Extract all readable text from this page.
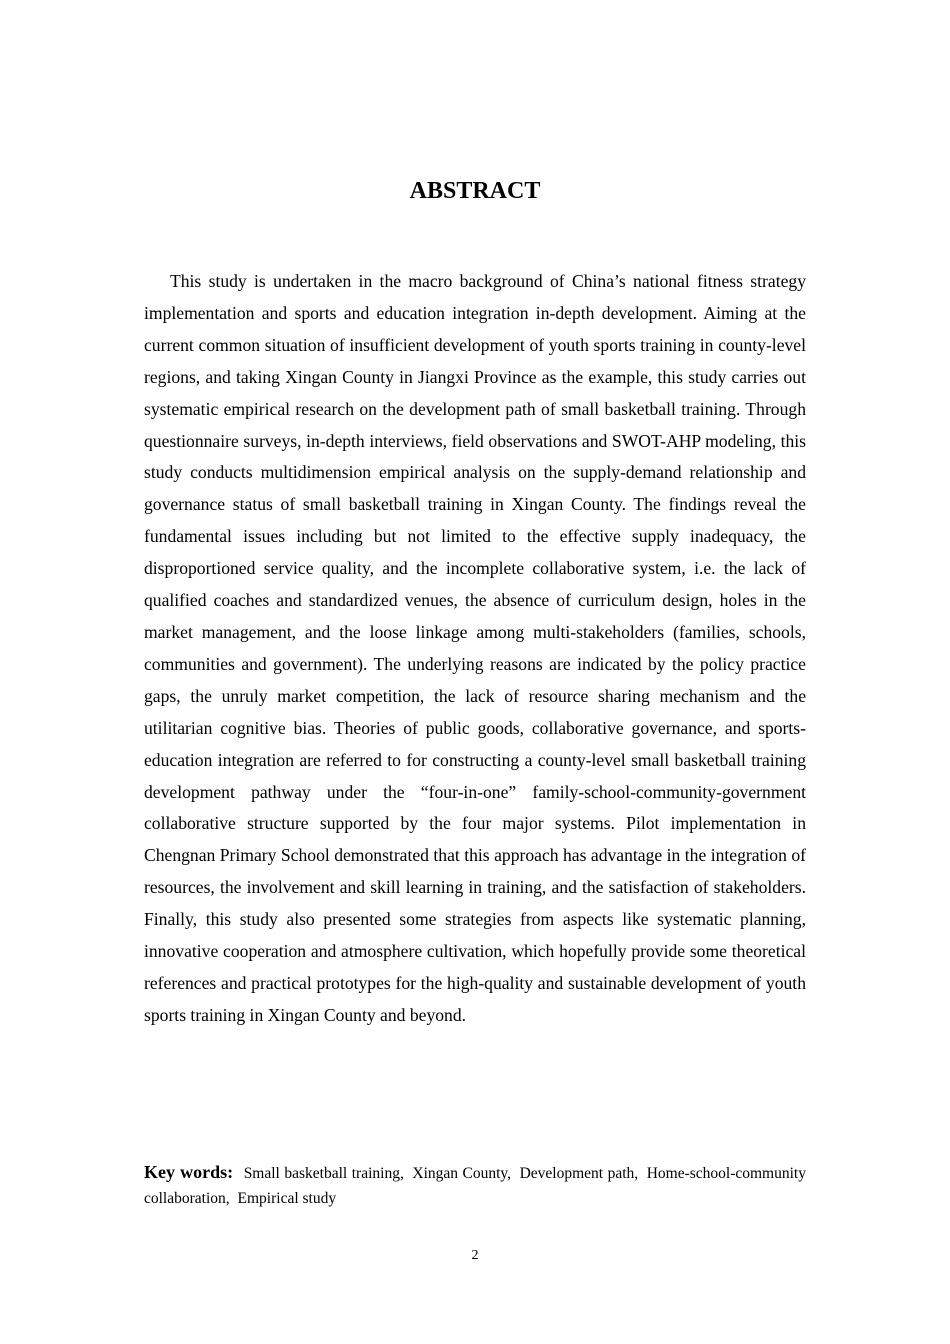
ABSTRACT

This study is undertaken in the macro background of China’s national fitness strategy implementation and sports and education integration in-depth development. Aiming at the current common situation of insufficient development of youth sports training in county-level regions, and taking Xingan County in Jiangxi Province as the example, this study carries out systematic empirical research on the development path of small basketball training. Through questionnaire surveys, in-depth interviews, field observations and SWOT-AHP modeling, this study conducts multidimension empirical analysis on the supply-demand relationship and governance status of small basketball training in Xingan County. The findings reveal the fundamental issues including but not limited to the effective supply inadequacy, the disproportioned service quality, and the incomplete collaborative system, i.e. the lack of qualified coaches and standardized venues, the absence of curriculum design, holes in the market management, and the loose linkage among multi-stakeholders (families, schools, communities and government). The underlying reasons are indicated by the policy practice gaps, the unruly market competition, the lack of resource sharing mechanism and the utilitarian cognitive bias. Theories of public goods, collaborative governance, and sports-education integration are referred to for constructing a county-level small basketball training development pathway under the “four-in-one” family-school-community-government collaborative structure supported by the four major systems. Pilot implementation in Chengnan Primary School demonstrated that this approach has advantage in the integration of resources, the involvement and skill learning in training, and the satisfaction of stakeholders. Finally, this study also presented some strategies from aspects like systematic planning, innovative cooperation and atmosphere cultivation, which hopefully provide some theoretical references and practical prototypes for the high-quality and sustainable development of youth sports training in Xingan County and beyond.

Key words: Small basketball training, Xingan County, Development path, Home-school-community collaboration, Empirical study

2
